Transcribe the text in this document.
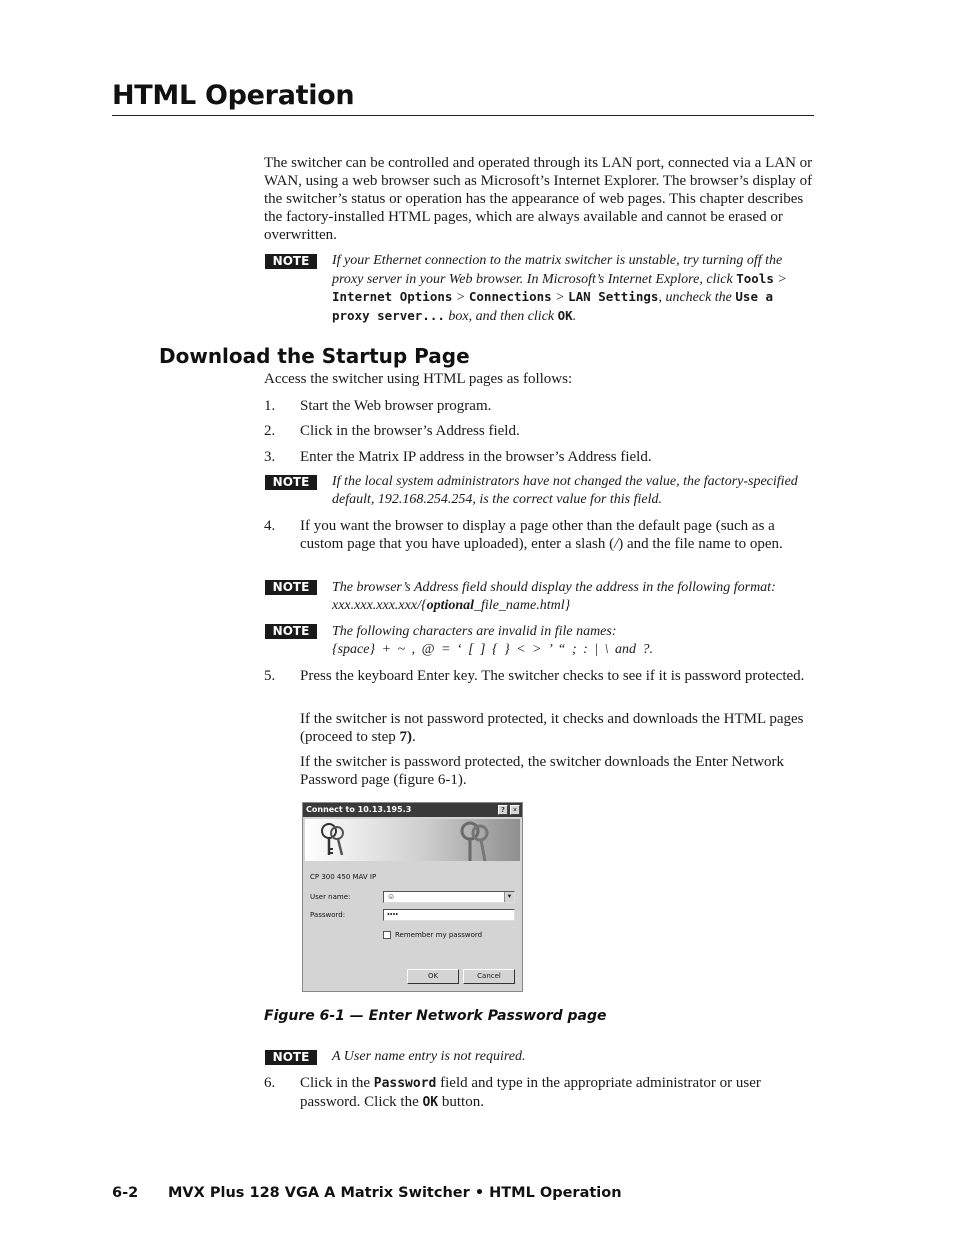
HTML Operation

The switcher can be controlled and operated through its LAN port, connected via a LAN or WAN, using a web browser such as Microsoft’s Internet Explorer. The browser’s display of the switcher’s status or operation has the appearance of web pages. This chapter describes the factory-installed HTML pages, which are always available and cannot be erased or overwritten.

NOTE	If your Ethernet connection to the matrix switcher is unstable, try turning off the proxy server in your Web browser. In Microsoft’s Internet Explore, click Tools > Internet Options > Connections > LAN Settings, uncheck the Use a proxy server... box, and then click OK.

Download the Startup Page

Access the switcher using HTML pages as follows:

1. Start the Web browser program.

2. Click in the browser’s Address field.

3. Enter the Matrix IP address in the browser’s Address field.

NOTE	If the local system administrators have not changed the value, the factory-specified default, 192.168.254.254, is the correct value for this field.

4. If you want the browser to display a page other than the default page (such as a custom page that you have uploaded), enter a slash (/) and the file name to open.

NOTE	The browser’s Address field should display the address in the following format:
xxx.xxx.xxx.xxx/{optional_file_name.html}

NOTE	The following characters are invalid in file names:
{space} + ~ , @ = ‘ [ ] { } < > ’ “ ; : | \ and ?.

5. Press the keyboard Enter key. The switcher checks to see if it is password protected.

If the switcher is not password protected, it checks and downloads the HTML pages (proceed to step 7).

If the switcher is password protected, the switcher downloads the Enter Network Password page (figure 6-1).

Connect to 10.13.195.3	?	×
CP 300 450 MAV IP
User name:	☺	▼
Password:	••••
Remember my password
OK	Cancel
Figure 6-1 — Enter Network Password page
NOTE	A User name entry is not required.

6. Click in the Password field and type in the appropriate administrator or user password. Click the OK button.

6-2 MVX Plus 128 VGA A Matrix Switcher • HTML Operation
